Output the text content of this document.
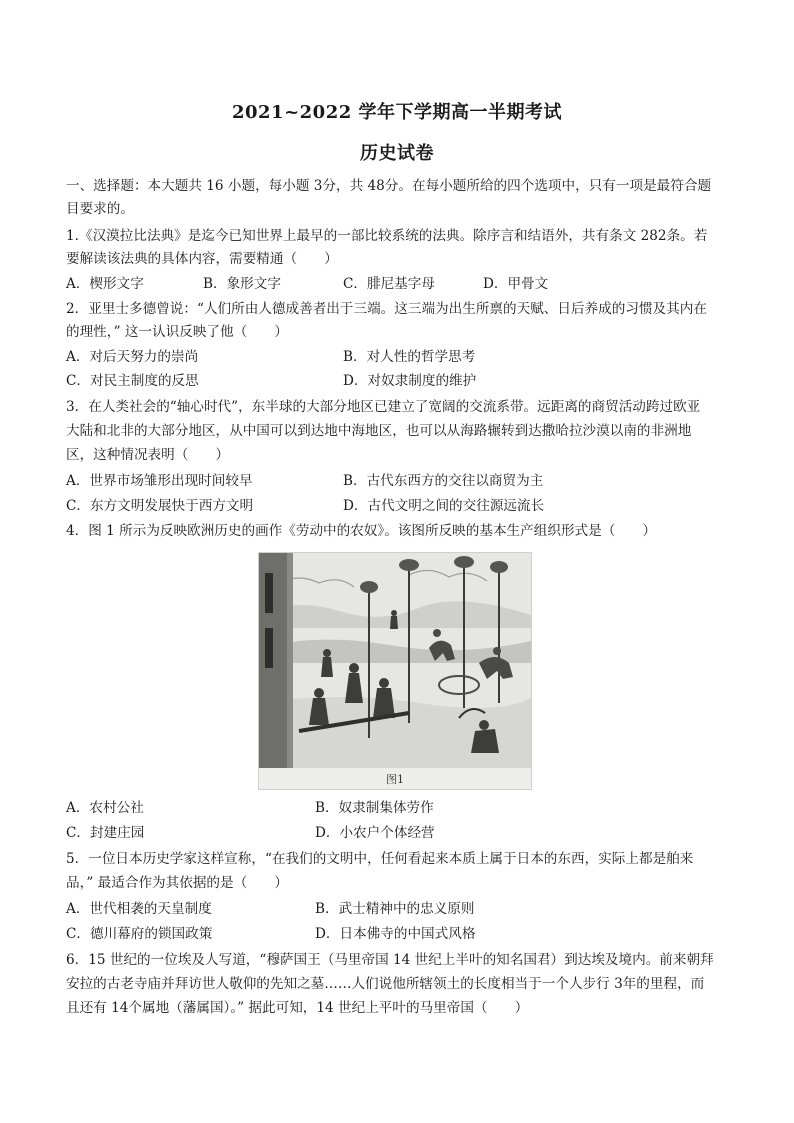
2021~2022 学年下学期高一半期考试
历史试卷
一、选择题：本大题共 16 小题，每小题 3分，共 48分。在每小题所给的四个选项中，只有一项是最符合题
目要求的。
1.《汉漠拉比法典》是迄今已知世界上最早的一部比较系统的法典。除序言和结语外，共有条文 282条。若
要解读该法典的具体内容，需要精通（　　）
A．楔形文字	B．象形文字	C．腓尼基字母	D．甲骨文
2．亚里士多德曾说：“人们所由人德成善者出于三端。这三端为出生所禀的天赋、日后养成的习惯及其内在
的理性，” 这一认识反映了他（　　）
A．对后天努力的崇尚	B．对人性的哲学思考
C．对民主制度的反思	D．对奴隶制度的维护
3．在人类社会的“轴心时代”，东半球的大部分地区已建立了宽阔的交流系带。远距离的商贸活动跨过欧亚
大陆和北非的大部分地区，从中国可以到达地中海地区，也可以从海路辗转到达撒哈拉沙漠以南的非洲地
区，这种情况表明（　　）
A．世界市场雏形出现时间较早	B．古代东西方的交往以商贸为主
C．东方文明发展快于西方文明	D．古代文明之间的交往源远流长
4．图 1 所示为反映欧洲历史的画作《劳动中的农奴》。该图所反映的基本生产组织形式是（　　）
图1
A．农村公社	B．奴隶制集体劳作
C．封建庄园	D．小农户个体经营
5．一位日本历史学家这样宣称，“在我们的文明中，任何看起来本质上属于日本的东西，实际上都是舶来
品，” 最适合作为其依据的是（　　）
A．世代相袭的天皇制度	B．武士精神中的忠义原则
C．德川幕府的锁国政策	D．日本佛寺的中国式风格
6．15 世纪的一位埃及人写道，“穆萨国王（马里帝国 14 世纪上半叶的知名国君）到达埃及境内。前来朝拜
安拉的古老寺庙并拜访世人敬仰的先知之墓……人们说他所辖领土的长度相当于一个人步行 3年的里程，而
且还有 14个属地（藩属国）。” 据此可知，14 世纪上平叶的马里帝国（　　）
